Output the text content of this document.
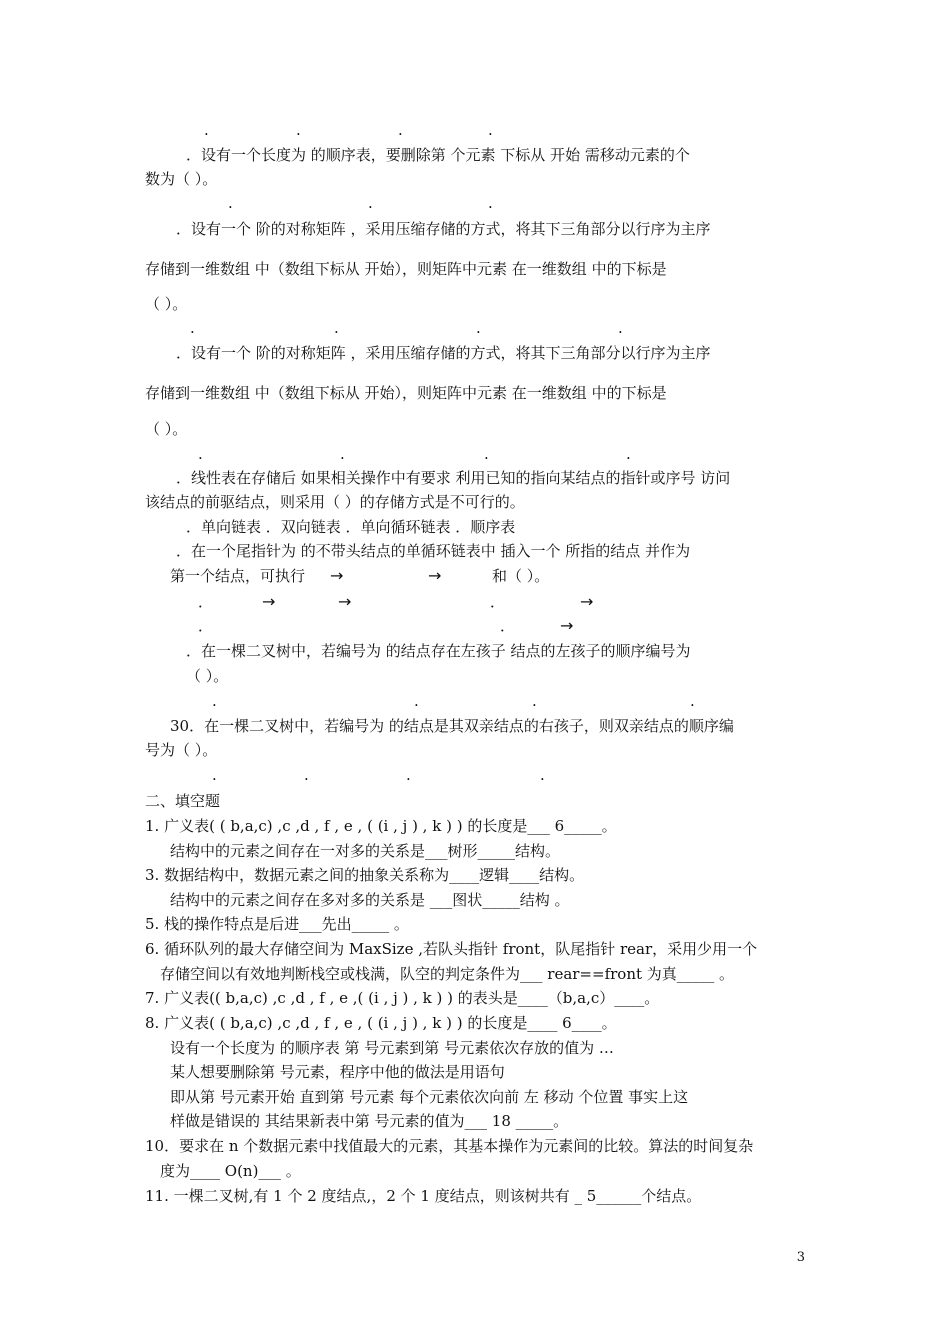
.	.	.	.
．设有一个长度为 的顺序表，要删除第 个元素 下标从 开始 需移动元素的个
数为（ ）。
.	.	.
．设有一个 阶的对称矩阵 ，采用压缩存储的方式，将其下三角部分以行序为主序
存储到一维数组 中（数组下标从 开始），则矩阵中元素 在一维数组 中的下标是
（ ）。
.	.	.	.
．设有一个 阶的对称矩阵 ，采用压缩存储的方式，将其下三角部分以行序为主序
存储到一维数组 中（数组下标从 开始），则矩阵中元素 在一维数组 中的下标是
（ ）。
.	.	.	.
．线性表在存储后 如果相关操作中有要求 利用已知的指向某结点的指针或序号 访问
该结点的前驱结点，则采用（ ）的存储方式是不可行的。
．单向链表 ．双向链表 ．单向循环链表 ．顺序表
．在一个尾指针为 的不带头结点的单循环链表中 插入一个 所指的结点 并作为
第一个结点，可执行 →	→	和（ ）。
．	→	→	．	→
．	．	→
．在一棵二叉树中，若编号为 的结点存在左孩子 结点的左孩子的顺序编号为
（ ）。
.	.	.	.
30．在一棵二叉树中，若编号为 的结点是其双亲结点的右孩子，则双亲结点的顺序编
号为（ ）。
.	.	.	.
二、填空题
1. 广义表( ( b,a,c) ,c ,d , f , e , ( (i , j ) , k ) ) 的长度是___ 6_____。
结构中的元素之间存在一对多的关系是___树形_____结构。
3. 数据结构中，数据元素之间的抽象关系称为____逻辑____结构。
结构中的元素之间存在多对多的关系是 ___图状_____结构 。
5. 栈的操作特点是后进___先出_____ 。
6. 循环队列的最大存储空间为 MaxSize ,若队头指针 front，队尾指针 rear，采用少用一个
存储空间以有效地判断栈空或栈满，队空的判定条件为___ rear==front 为真_____ 。
7. 广义表(( b,a,c) ,c ,d , f , e ,( (i , j ) , k ) ) 的表头是____（b,a,c）____。
8. 广义表( ( b,a,c) ,c ,d , f , e , ( (i , j ) , k ) ) 的长度是____ 6____。
设有一个长度为 的顺序表 第 号元素到第 号元素依次存放的值为 …
某人想要删除第 号元素，程序中他的做法是用语句
即从第 号元素开始 直到第 号元素 每个元素依次向前 左 移动 个位置 事实上这
样做是错误的 其结果新表中第 号元素的值为___ 18 _____。
10．要求在 n 个数据元素中找值最大的元素，其基本操作为元素间的比较。算法的时间复杂
度为____ O(n)___ 。
11. 一棵二叉树,有 1 个 2 度结点,，2 个 1 度结点，则该树共有 _ 5______个结点。
3
